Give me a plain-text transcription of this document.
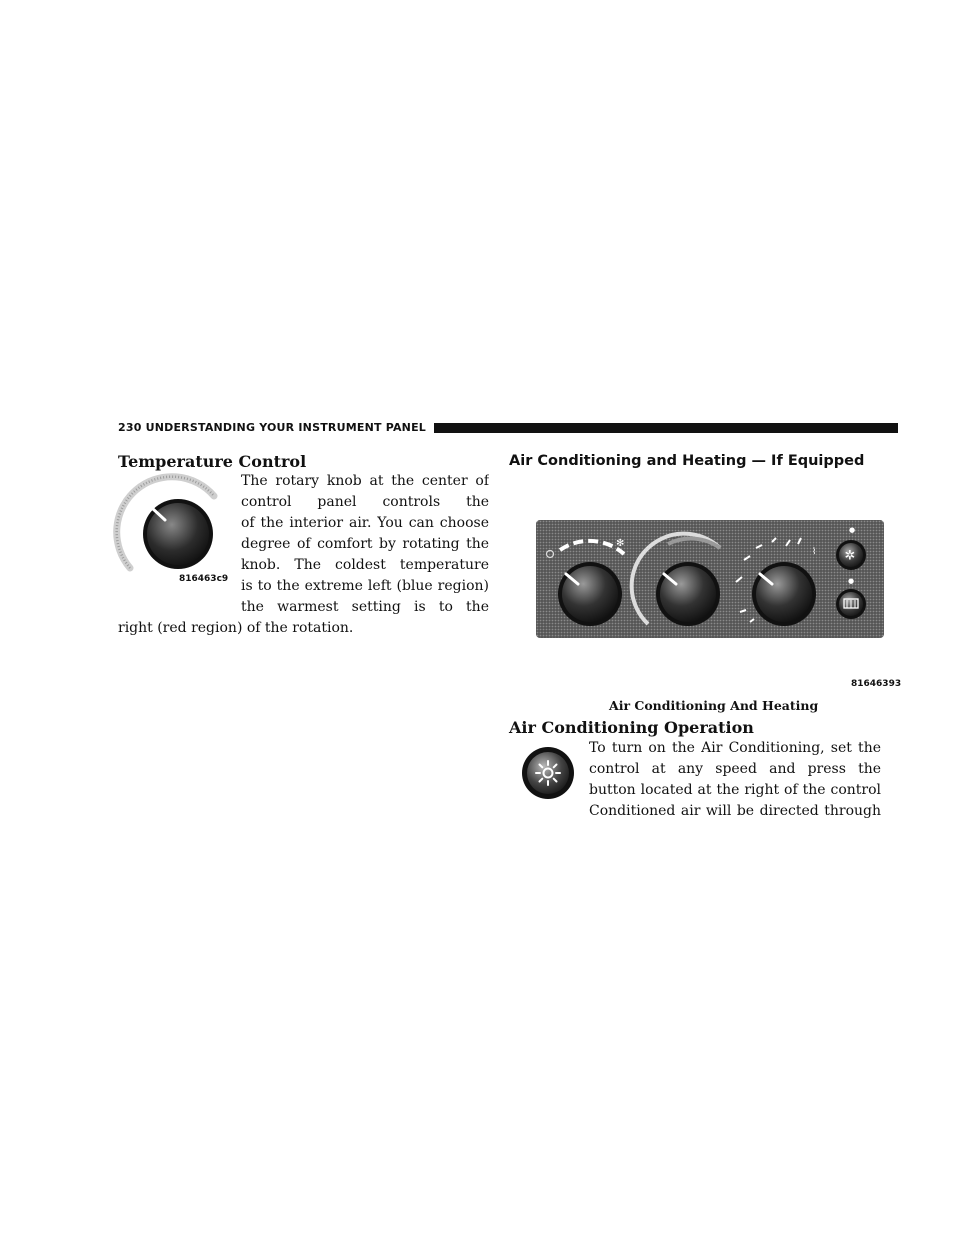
230 UNDERSTANDING YOUR INSTRUMENT PANEL
Temperature Control
816463c9
The rotary knob at the center of
control panel controls the
of the interior air. You can choose
degree of comfort by rotating the
knob. The coldest temperature
is to the extreme left (blue region)
the warmest setting is to the
right (red region) of the rotation.
Air Conditioning and Heating — If Equipped
✻
⌇
●
✲
●
81646393
Air Conditioning And Heating
Air Conditioning Operation
To turn on the Air Conditioning, set the
control at any speed and press the
button located at the right of the control
Conditioned air will be directed through
